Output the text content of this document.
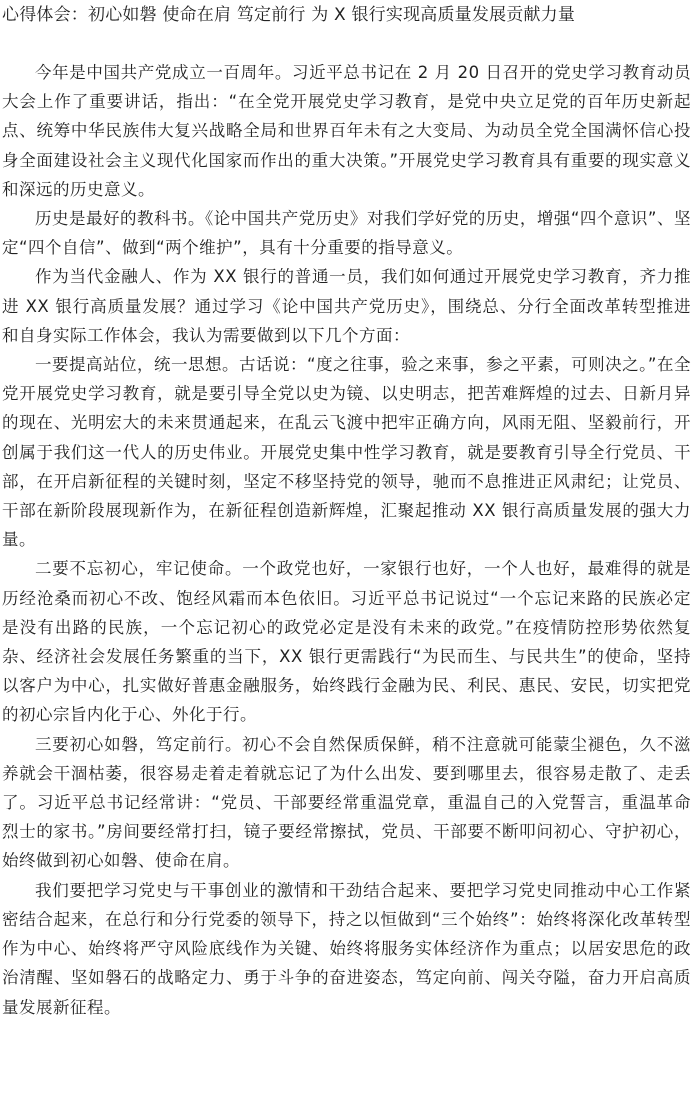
心得体会：初心如磐 使命在肩 笃定前行 为 X 银行实现高质量发展贡献力量

今年是中国共产党成立一百周年。习近平总书记在 2 月 20 日召开的党史学习教育动员大会上作了重要讲话，指出：“在全党开展党史学习教育，是党中央立足党的百年历史新起点、统筹中华民族伟大复兴战略全局和世界百年未有之大变局、为动员全党全国满怀信心投身全面建设社会主义现代化国家而作出的重大决策。”开展党史学习教育具有重要的现实意义和深远的历史意义。

历史是最好的教科书。《论中国共产党历史》对我们学好党的历史，增强“四个意识”、坚定“四个自信”、做到“两个维护”，具有十分重要的指导意义。

作为当代金融人、作为 XX 银行的普通一员，我们如何通过开展党史学习教育，齐力推进 XX 银行高质量发展？通过学习《论中国共产党历史》，围绕总、分行全面改革转型推进和自身实际工作体会，我认为需要做到以下几个方面：

一要提高站位，统一思想。古话说：“度之往事，验之来事，参之平素，可则决之。”在全党开展党史学习教育，就是要引导全党以史为镜、以史明志，把苦难辉煌的过去、日新月异的现在、光明宏大的未来贯通起来，在乱云飞渡中把牢正确方向，风雨无阻、坚毅前行，开创属于我们这一代人的历史伟业。开展党史集中性学习教育，就是要教育引导全行党员、干部，在开启新征程的关键时刻，坚定不移坚持党的领导，驰而不息推进正风肃纪；让党员、干部在新阶段展现新作为，在新征程创造新辉煌，汇聚起推动 XX 银行高质量发展的强大力量。

二要不忘初心，牢记使命。一个政党也好，一家银行也好，一个人也好，最难得的就是历经沧桑而初心不改、饱经风霜而本色依旧。习近平总书记说过“一个忘记来路的民族必定是没有出路的民族，一个忘记初心的政党必定是没有未来的政党。”在疫情防控形势依然复杂、经济社会发展任务繁重的当下，XX 银行更需践行“为民而生、与民共生”的使命，坚持以客户为中心，扎实做好普惠金融服务，始终践行金融为民、利民、惠民、安民，切实把党的初心宗旨内化于心、外化于行。

三要初心如磐，笃定前行。初心不会自然保质保鲜，稍不注意就可能蒙尘褪色，久不滋养就会干涸枯萎，很容易走着走着就忘记了为什么出发、要到哪里去，很容易走散了、走丢了。习近平总书记经常讲：“党员、干部要经常重温党章，重温自己的入党誓言，重温革命烈士的家书。”房间要经常打扫，镜子要经常擦拭，党员、干部要不断叩问初心、守护初心，始终做到初心如磐、使命在肩。

我们要把学习党史与干事创业的激情和干劲结合起来、要把学习党史同推动中心工作紧密结合起来，在总行和分行党委的领导下，持之以恒做到“三个始终”：始终将深化改革转型作为中心、始终将严守风险底线作为关键、始终将服务实体经济作为重点；以居安思危的政治清醒、坚如磐石的战略定力、勇于斗争的奋进姿态，笃定向前、闯关夺隘，奋力开启高质量发展新征程。
